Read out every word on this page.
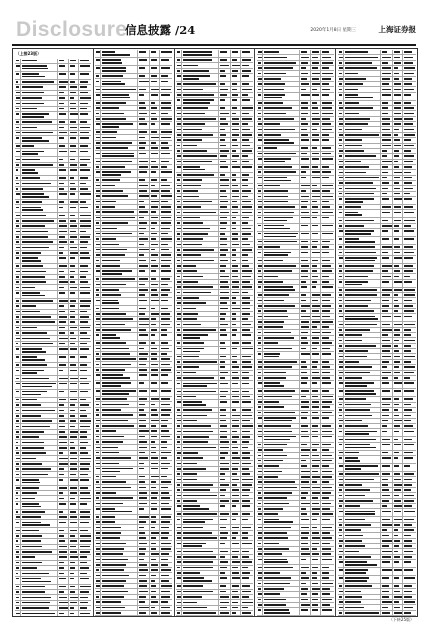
Disclosure
信息披露 /24	2020年1月8日 星期三	上海证券报
（上接23版）
（下转25版）
